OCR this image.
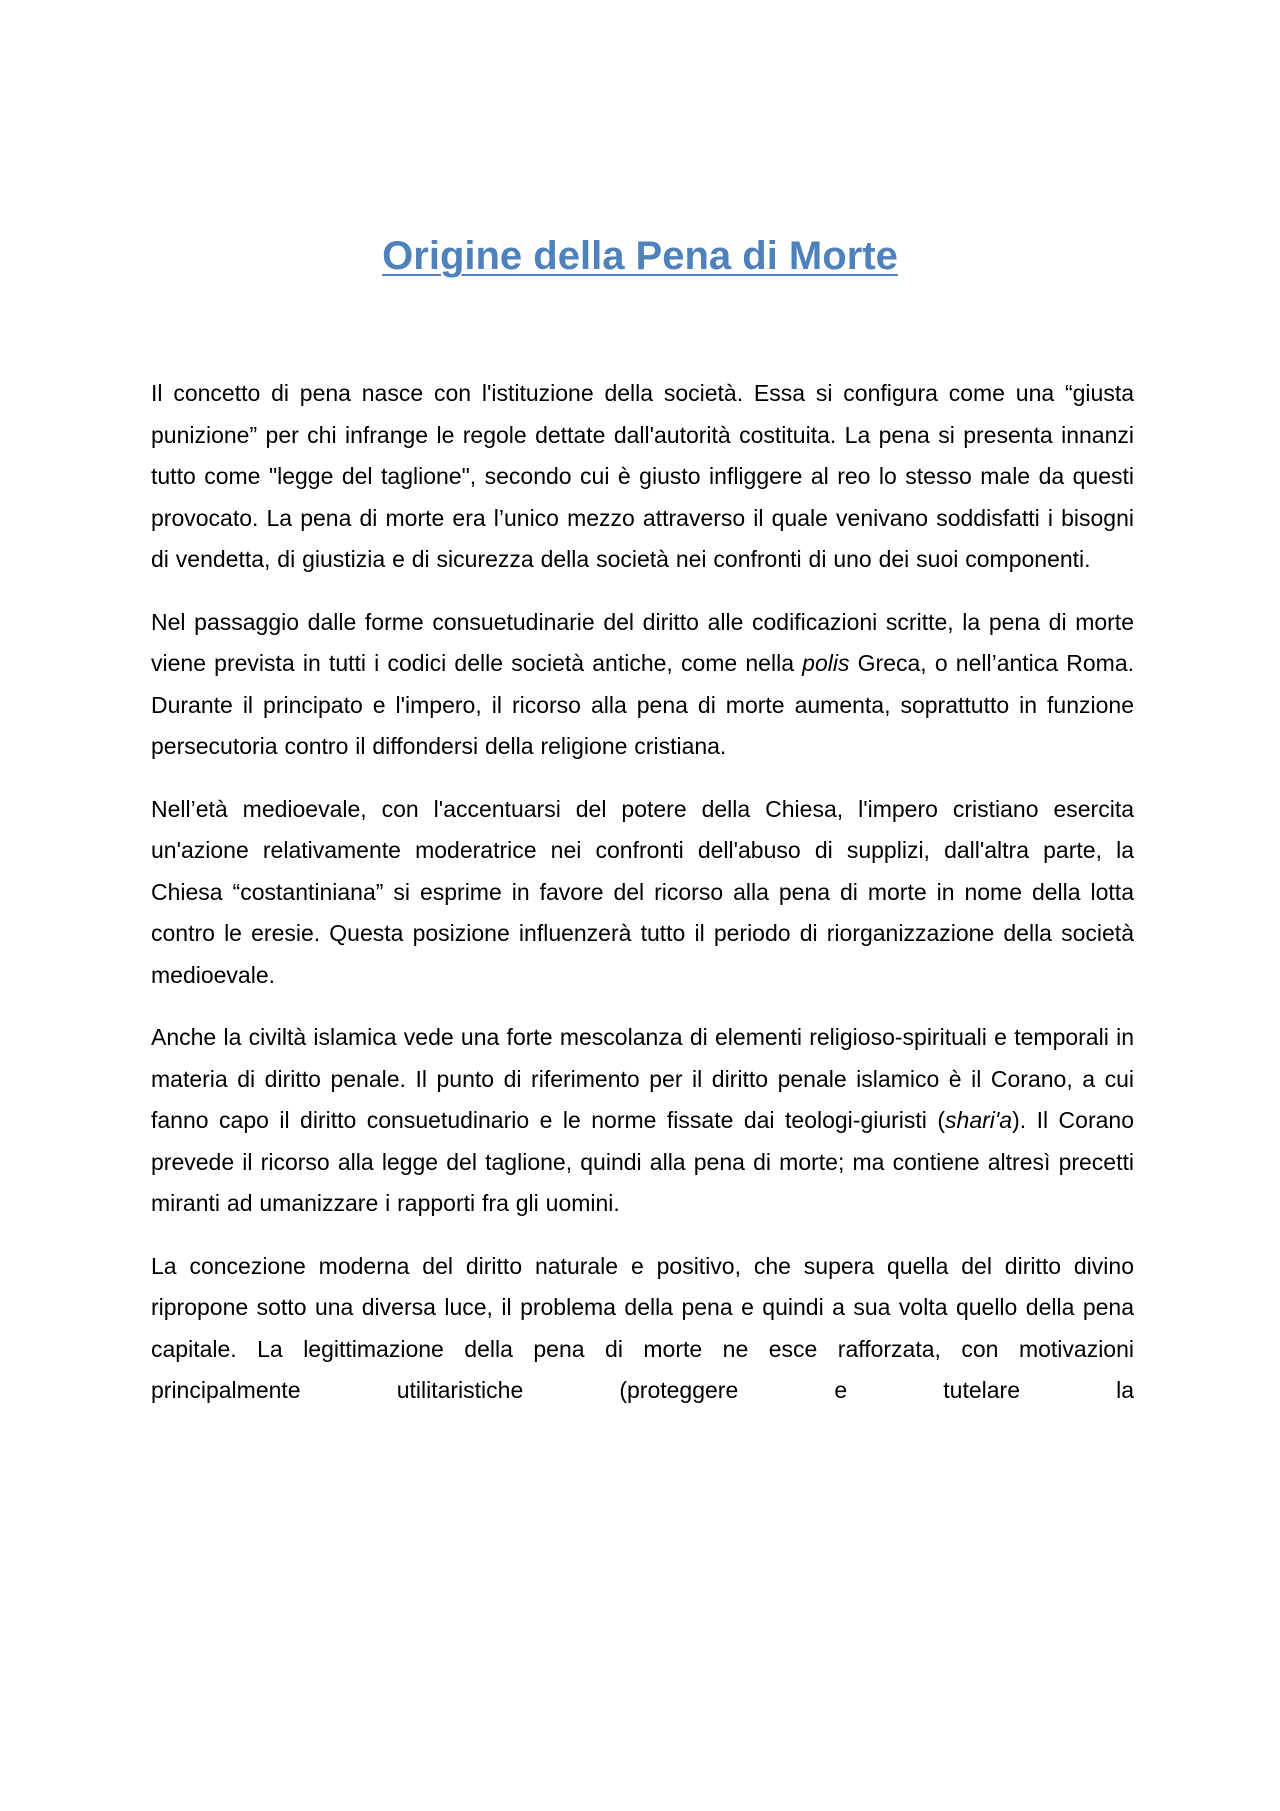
Origine della Pena di Morte

Il concetto di pena nasce con l'istituzione della società. Essa si configura come una “giusta punizione” per chi infrange le regole dettate dall'autorità costituita. La pena si presenta innanzi tutto come "legge del taglione", secondo cui è giusto infliggere al reo lo stesso male da questi provocato. La pena di morte era l’unico mezzo attraverso il quale venivano soddisfatti i bisogni di vendetta, di giustizia e di sicurezza della società nei confronti di uno dei suoi componenti.

Nel passaggio dalle forme consuetudinarie del diritto alle codificazioni scritte, la pena di morte viene prevista in tutti i codici delle società antiche, come nella polis Greca, o nell’antica Roma. Durante il principato e l'impero, il ricorso alla pena di morte aumenta, soprattutto in funzione persecutoria contro il diffondersi della religione cristiana.

Nell’età medioevale, con l'accentuarsi del potere della Chiesa, l'impero cristiano esercita un'azione relativamente moderatrice nei confronti dell'abuso di supplizi, dall'altra parte, la Chiesa “costantiniana” si esprime in favore del ricorso alla pena di morte in nome della lotta contro le eresie. Questa posizione influenzerà tutto il periodo di riorganizzazione della società medioevale.

Anche la civiltà islamica vede una forte mescolanza di elementi religioso-spirituali e temporali in materia di diritto penale. Il punto di riferimento per il diritto penale islamico è il Corano, a cui fanno capo il diritto consuetudinario e le norme fissate dai teologi-giuristi (shari'a). Il Corano prevede il ricorso alla legge del taglione, quindi alla pena di morte; ma contiene altresì precetti miranti ad umanizzare i rapporti fra gli uomini.

La concezione moderna del diritto naturale e positivo, che supera quella del diritto divino ripropone sotto una diversa luce, il problema della pena e quindi a sua volta quello della pena capitale. La legittimazione della pena di morte ne esce rafforzata, con motivazioni principalmente utilitaristiche (proteggere e tutelare la
